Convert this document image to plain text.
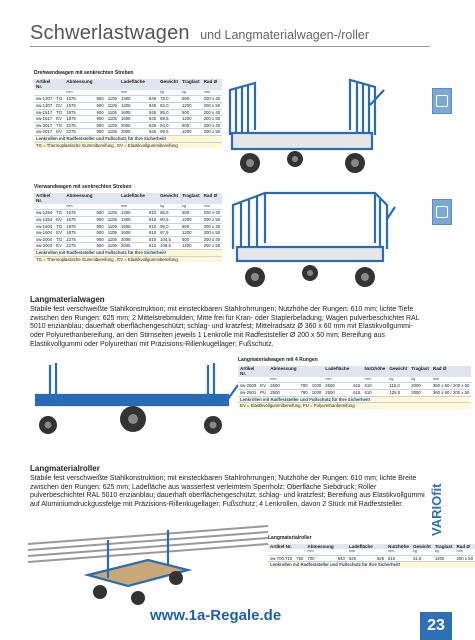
Schwerlastwagen und Langmaterialwagen-/roller
Drehwendwagen mit senkrechten Streben
Artikel Nr.		Abmessung			Ladefläche		Gewicht	Traglast	Rad Ø
		mm			mm		kg	kg	mm
sw-1307	TG	1575	900	1105	1305	845	78,0	500	200 x 40
sw-1307	EV	1575	900	1105	1305	845	82,0	1200	200 x 50
sw-1617	TG	1875	900	1105	1605	845	85,0	500	200 x 40
sw-1617	EV	1875	900	1105	1605	845	89,5	1200	200 x 50
sw-2017	TG	2275	900	1105	2005	845	94,0	500	200 x 40
sw-2017	EV	2275	900	1105	2005	845	99,5	1200	200 x 50
Lenkrollen mit Radfeststeller und Fußschutz für Ihre Sicherheit!									
TG = Thermoplastische Gummibereifung , EV = Elastikvollgummibereifung									
Vierwandwagen mit senkrechten Streben
Artikel Nr.		Abmessung			Ladefläche		Gewicht	Traglast	Rad Ø
		mm			mm		kg	kg	mm
sw-1254	TG	1575	900	1105	1305	810	86,5	500	200 x 40
sw-1254	EV	1575	900	1105	1305	810	90,5	1200	200 x 50
sw-1604	TG	1875	900	1105	1605	810	95,0	500	200 x 40
sw-1604	EV	1875	900	1105	1605	810	97,5	1200	200 x 50
sw-2004	TG	2275	900	1105	2005	810	104,5	500	200 x 40
sw-2004	EV	2275	900	1105	2005	810	108,5	1200	200 x 50
Lenkrollen mit Radfeststeller und Fußschutz für Ihre Sicherheit!									
TG = Thermoplastische Gummibereifung , EV = Elastikvollgummibereifung									
Langmaterialwagen

Stabile fest verschweißte Stahlkonstruktion; mit einsteckbaren Stahlrohrrungen; Nutzhöhe der Rungen: 610 mm; lichte Tiefe zwischen den Rungen: 625 mm; 2 Mittelstrebmulden; Mitte frei für Kran- oder Staplerbeladung; Wagen pulverbeschichtet RAL 5010 enzianblau; dauerhaft oberflächengeschützt; schlag- und kratzfest; Mittelradsatz Ø 360 x 60 mm mit Elastikvollgummi- oder Polyurethanbereifung, an den Stirnseiten jeweils 1 Lenkrolle mit Radfeststeller Ø 200 x 50 mm; Bereifung aus Elastikvollgummi oder Polyurethan mit Präzisions-Rillenkugellager; Fußschutz.

Langmaterialwagen mit 4 Rungen
Artikel Nr.		Abmessung			Ladefläche		Nutzhöhe	Gewicht	Traglast	Rad Ø
		mm			mm		mm	kg	kg	mm
sw-2500	EV	2500	780	1030	2500	615	610	115,0	2000	360 x 60 / 200 x 50
sw-2501	PU	2500	780	1030	2500	615	610	125,0	3000	360 x 60 / 200 x 50
Lenkrollen mit Radfeststeller und Fußschutz für Ihre Sicherheit!										
EV = Elastikvollgummibereifung, PU = Polyurethanbereifung										
Langmaterialroller

Stabile fest verschweißte Stahlkonstruktion; mit einsteckbaren Stahlrohrrungen; Nutzhöhe der Rungen: 610 mm; lichte Breite zwischen den Rungen: 625 mm; Ladefläche aus wasserfest verleimtem Sperrholz; Oberfläche Siebdruck; Roller pulverbeschichtet RAL 5010 enzianblau; dauerhaft oberflächengeschützt; schlag- und kratzfest; Bereifung aus Elastikvollgummi auf Aluminiumdruckgussfelge mit Präzisions-Rillenkugellager; Fußschutz; 4 Lenkrollen, davon 2 Stück mit Radfeststeller.

Langmaterialroller
Artikel Nr.		Abmessung		Ladefläche		Nutzhöhe	Gewicht	Traglast	Rad Ø
		mm		mm		mm	kg	kg	mm
sw-700.710	750	700	940	625	625	610	31,5	1200	200 x 50
Lenkrollen mit Radfeststeller und Fußschutz für Ihre Sicherheit!									
VARIOfit
www.1a-Regale.de
23
